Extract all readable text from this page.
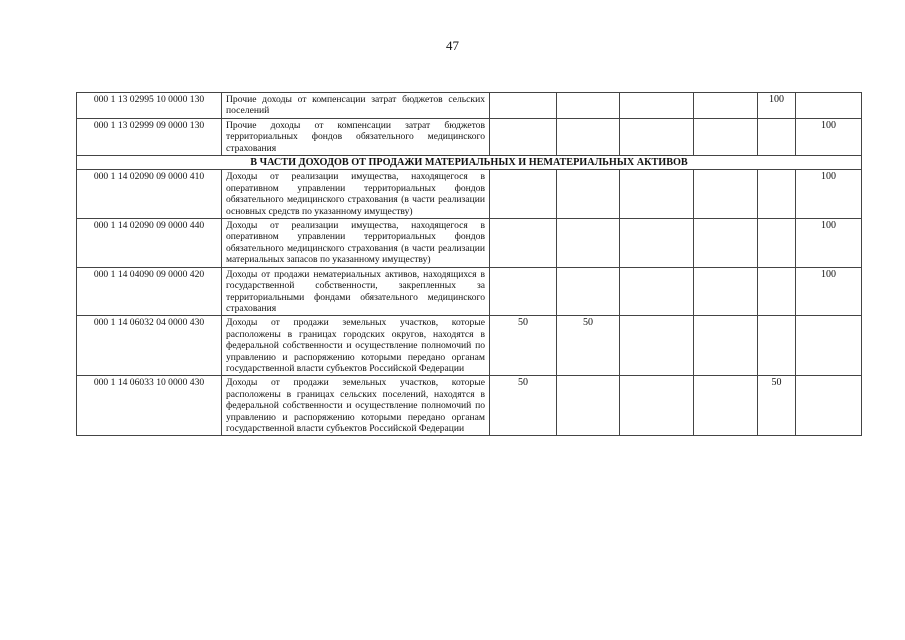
47
000 1 13 02995 10 0000 130	Прочие доходы от компенсации затрат бюджетов сельских поселений					100	
000 1 13 02999 09 0000 130	Прочие доходы от компенсации затрат бюджетов территориальных фондов обязательного медицинского страхования						100
В ЧАСТИ ДОХОДОВ ОТ ПРОДАЖИ МАТЕРИАЛЬНЫХ И НЕМАТЕРИАЛЬНЫХ АКТИВОВ							
000 1 14 02090 09 0000 410	Доходы от реализации имущества, находящегося в оперативном управлении территориальных фондов обязательного медицинского страхования (в части реализации основных средств по указанному имуществу)						100
000 1 14 02090 09 0000 440	Доходы от реализации имущества, находящегося в оперативном управлении территориальных фондов обязательного медицинского страхования (в части реализации материальных запасов по указанному имуществу)						100
000 1 14 04090 09 0000 420	Доходы от продажи нематериальных активов, находящихся в государственной собственности, закрепленных за территориальными фондами обязательного медицинского страхования						100
000 1 14 06032 04 0000 430	Доходы от продажи земельных участков, которые расположены в границах городских округов, находятся в федеральной собственности и осуществление полномочий по управлению и распоряжению которыми передано органам государственной власти субъектов Российской Федерации	50	50				
000 1 14 06033 10 0000 430	Доходы от продажи земельных участков, которые расположены в границах сельских поселений, находятся в федеральной собственности и осуществление полномочий по управлению и распоряжению которыми передано органам государственной власти субъектов Российской Федерации	50				50	
